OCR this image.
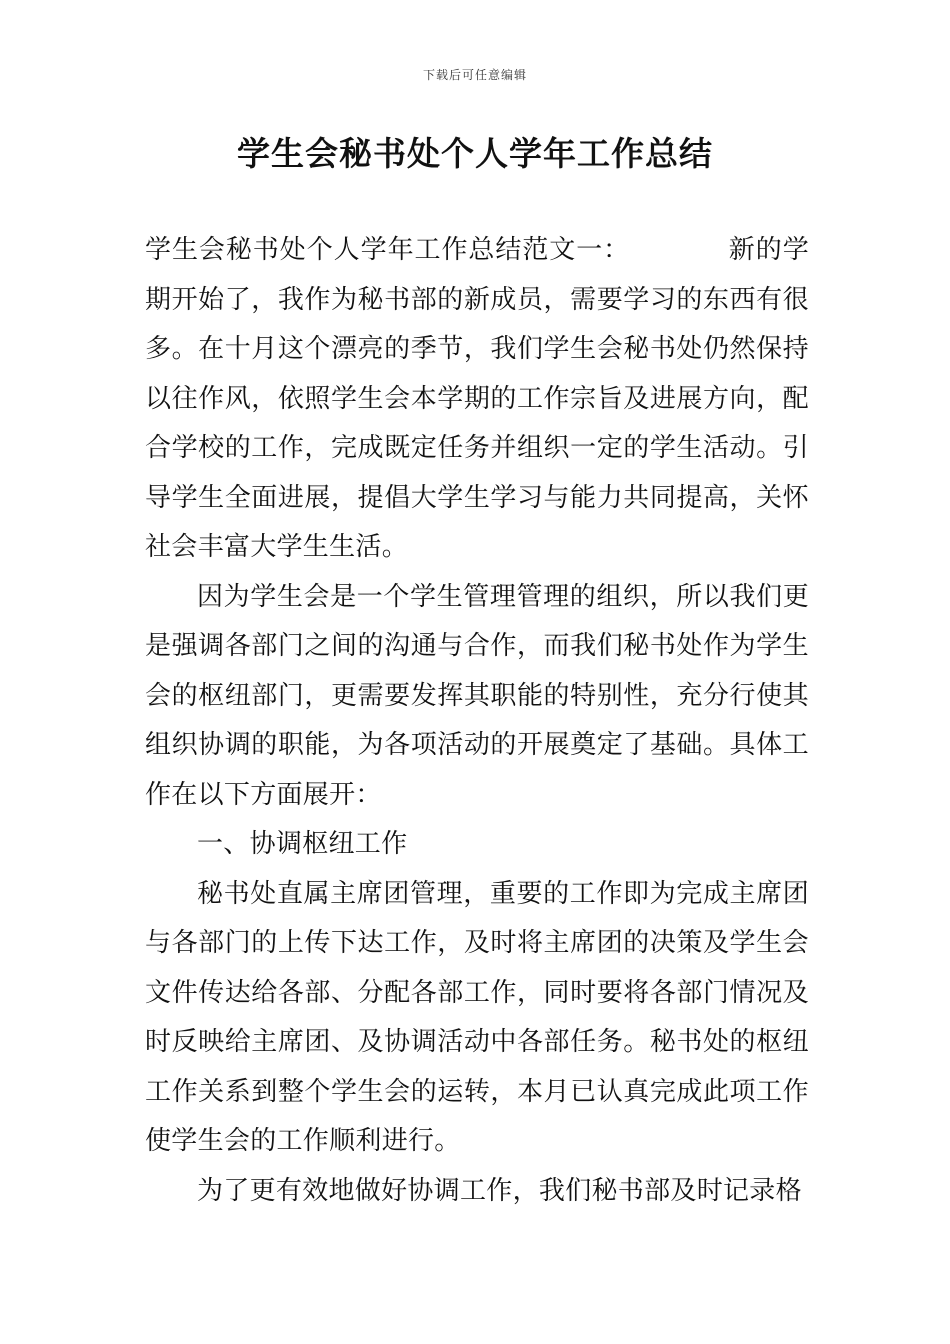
下载后可任意编辑
学生会秘书处个人学年工作总结

学生会秘书处个人学年工作总结范文一：	新的学期开始了，我作为秘书部的新成员，需要学习的东西有很多。在十月这个漂亮的季节，我们学生会秘书处仍然保持以往作风，依照学生会本学期的工作宗旨及进展方向，配合学校的工作，完成既定任务并组织一定的学生活动。引导学生全面进展，提倡大学生学习与能力共同提高，关怀社会丰富大学生生活。

因为学生会是一个学生管理管理的组织，所以我们更是强调各部门之间的沟通与合作，而我们秘书处作为学生会的枢纽部门，更需要发挥其职能的特别性，充分行使其组织协调的职能，为各项活动的开展奠定了基础。具体工作在以下方面展开：

一、协调枢纽工作

秘书处直属主席团管理，重要的工作即为完成主席团与各部门的上传下达工作，及时将主席团的决策及学生会文件传达给各部、分配各部工作，同时要将各部门情况及时反映给主席团、及协调活动中各部任务。秘书处的枢纽工作关系到整个学生会的运转，本月已认真完成此项工作使学生会的工作顺利进行。

为了更有效地做好协调工作，我们秘书部及时记录格
